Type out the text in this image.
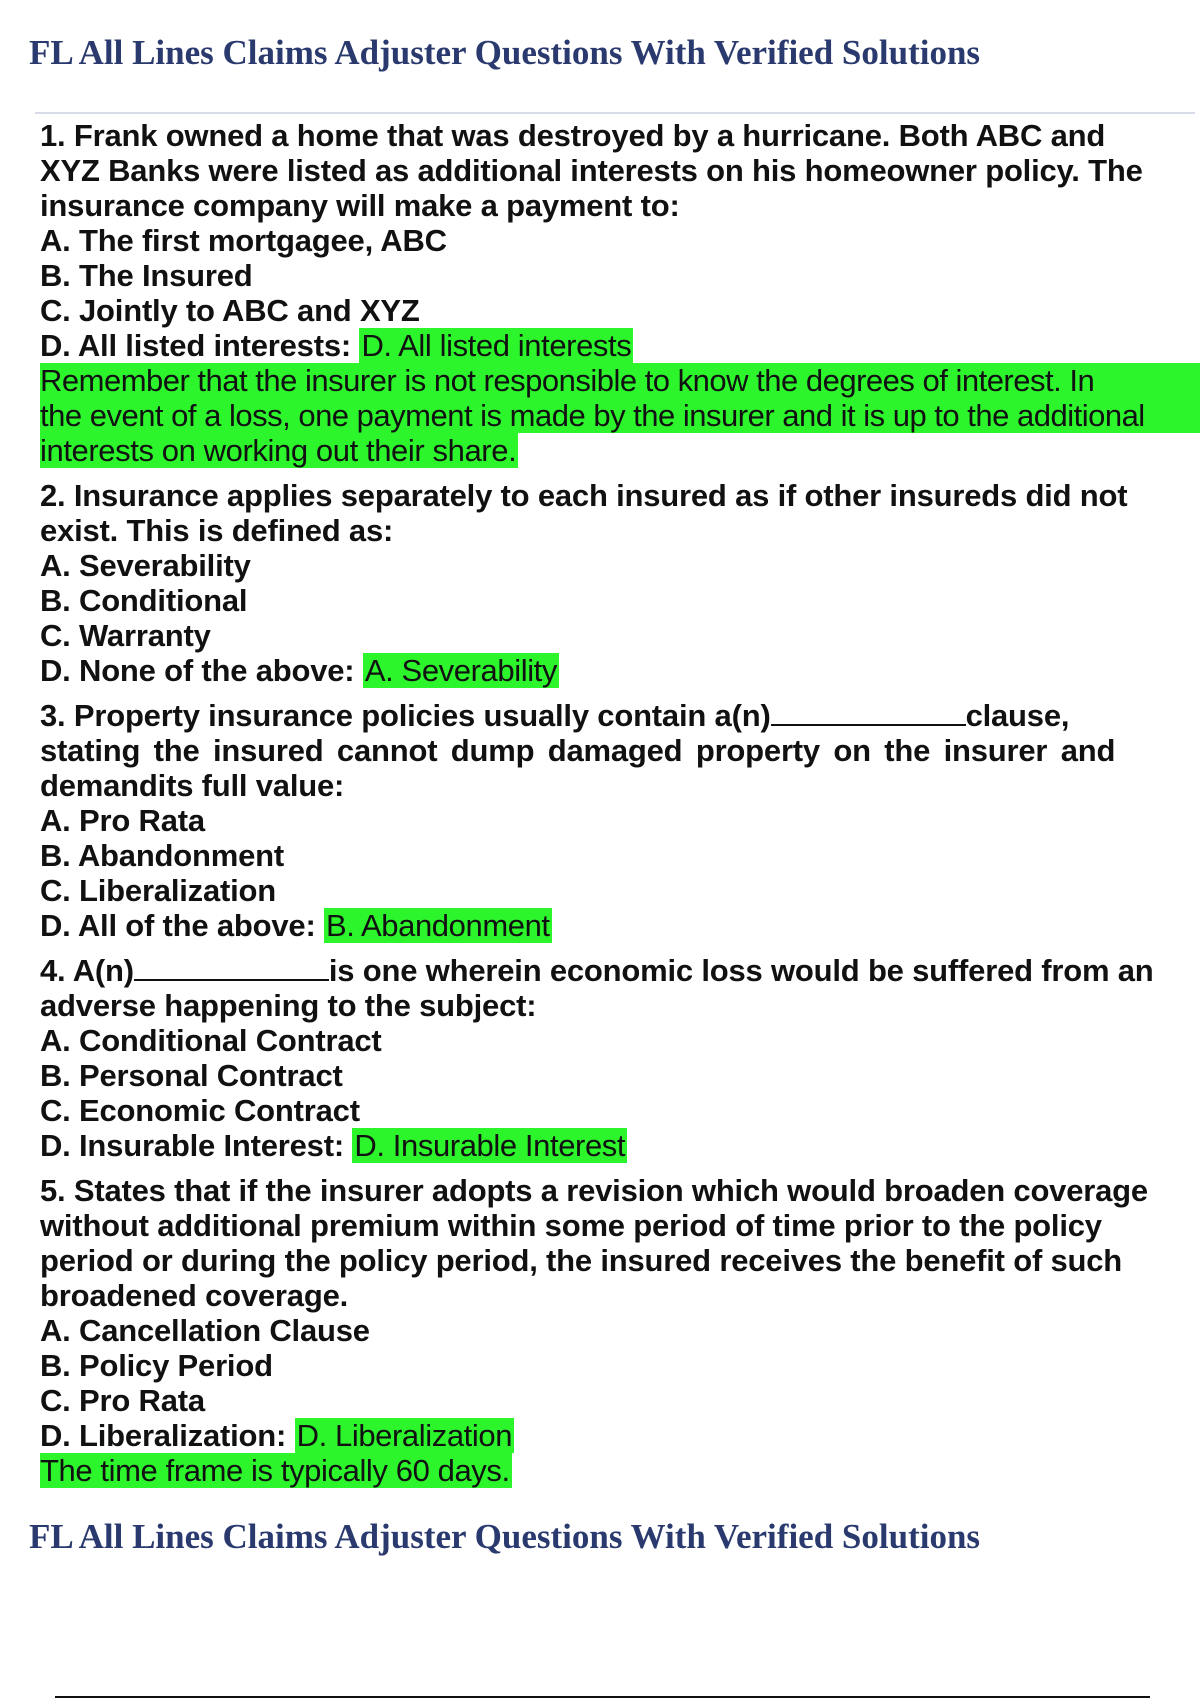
FL All Lines Claims Adjuster Questions With Verified Solutions
1. Frank owned a home that was destroyed by a hurricane. Both ABC and
XYZ Banks were listed as additional interests on his homeowner policy. The
insurance company will make a payment to:
A. The first mortgagee, ABC
B. The Insured
C. Jointly to ABC and XYZ
D. All listed interests: D. All listed interests
Remember that the insurer is not responsible to know the degrees of interest. In
the event of a loss, one payment is made by the insurer and it is up to the additional
interests on working out their share.
2. Insurance applies separately to each insured as if other insureds did not
exist. This is defined as:
A. Severability
B. Conditional
C. Warranty
D. None of the above: A. Severability
3. Property insurance policies usually contain a(n)	clause,
stating the insured cannot dump damaged property on the insurer and
demandits full value:
A. Pro Rata
B. Abandonment
C. Liberalization
D. All of the above: B. Abandonment
4. A(n)	is one wherein economic loss would be suffered from an
adverse happening to the subject:
A. Conditional Contract
B. Personal Contract
C. Economic Contract
D. Insurable Interest: D. Insurable Interest
5. States that if the insurer adopts a revision which would broaden coverage
without additional premium within some period of time prior to the policy
period or during the policy period, the insured receives the benefit of such
broadened coverage.
A. Cancellation Clause
B. Policy Period
C. Pro Rata
D. Liberalization: D. Liberalization
The time frame is typically 60 days.
FL All Lines Claims Adjuster Questions With Verified Solutions
